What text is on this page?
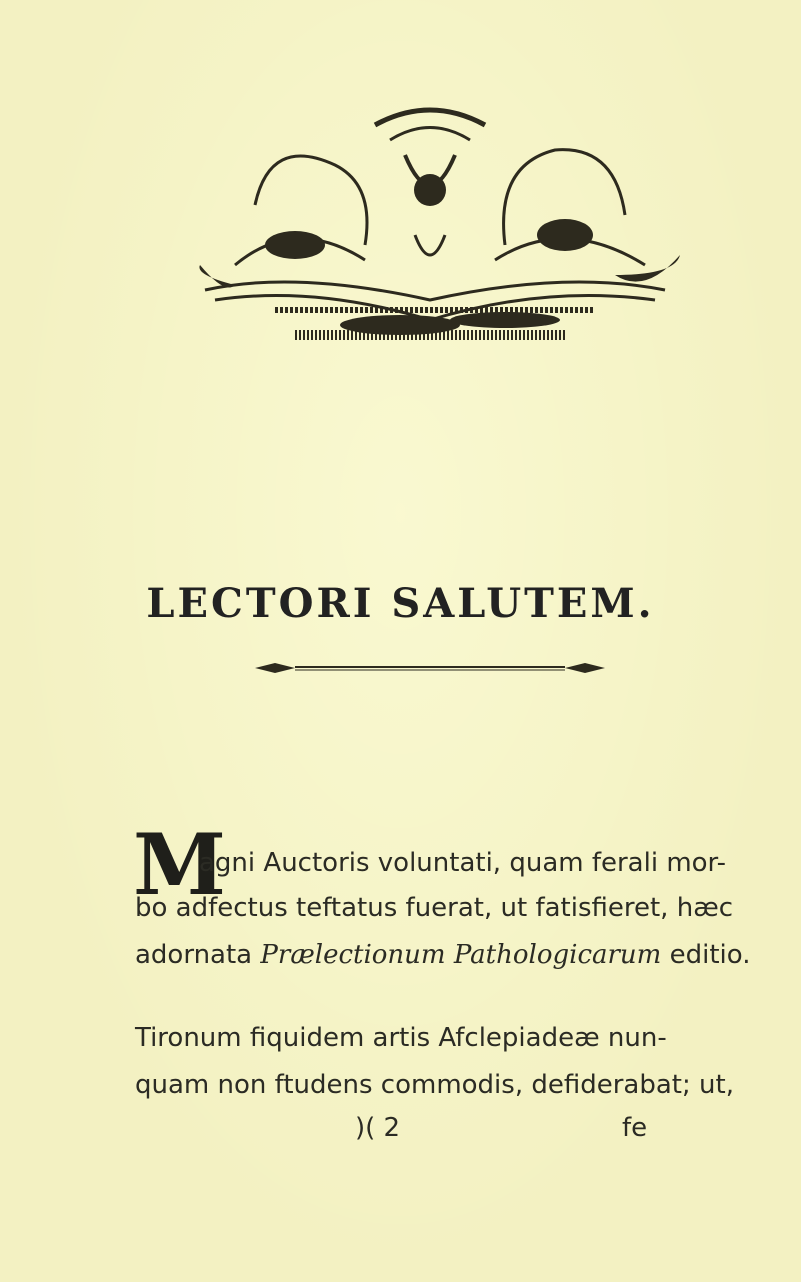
LECTORI SALUTEM.
M
agni Auctoris voluntati, quam ferali mor-
bo adfectus teftatus fuerat, ut fatisfieret, hæc
adornata Prælectionum Pathologicarum editio.
Tironum fiquidem artis Afclepiadeæ nun-
quam non ftudens commodis, defiderabat; ut,
)( 2	fe
